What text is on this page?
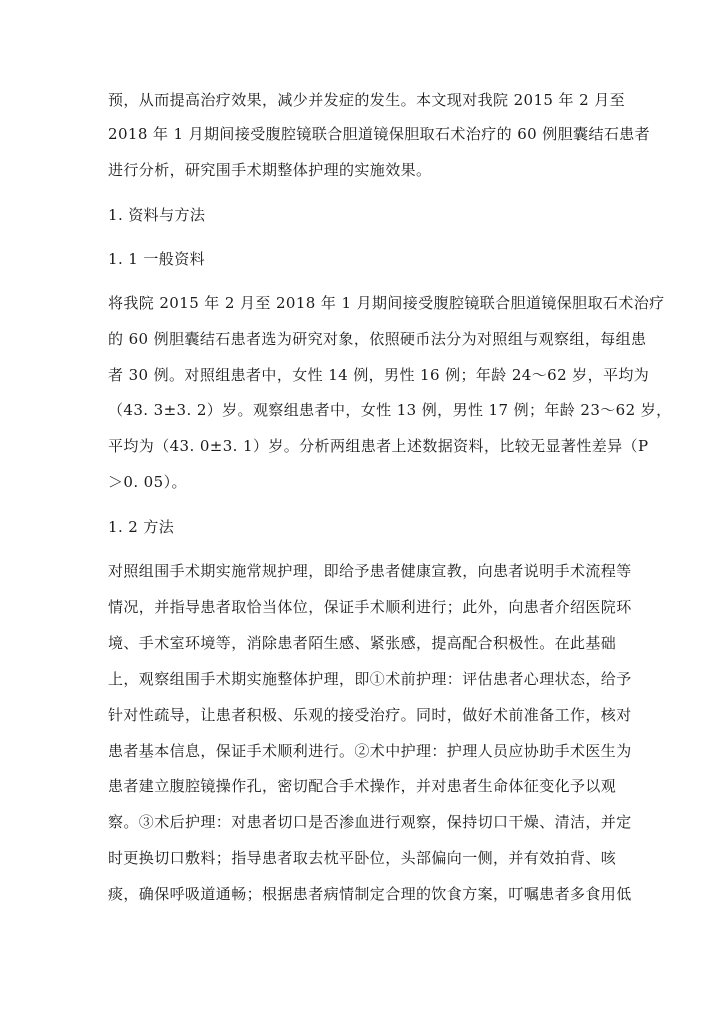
预，从而提高治疗效果，减少并发症的发生。本文现对我院 2015 年 2 月至
2018 年 1 月期间接受腹腔镜联合胆道镜保胆取石术治疗的 60 例胆囊结石患者
进行分析，研究围手术期整体护理的实施效果。
1. 资料与方法
1. 1 一般资料
将我院 2015 年 2 月至 2018 年 1 月期间接受腹腔镜联合胆道镜保胆取石术治疗
的 60 例胆囊结石患者选为研究对象，依照硬币法分为对照组与观察组，每组患
者 30 例。对照组患者中，女性 14 例，男性 16 例；年龄 24～62 岁，平均为
（43. 3±3. 2）岁。观察组患者中，女性 13 例，男性 17 例；年龄 23～62 岁，
平均为（43. 0±3. 1）岁。分析两组患者上述数据资料，比较无显著性差异（P
＞0. 05）。
1. 2 方法
对照组围手术期实施常规护理，即给予患者健康宣教，向患者说明手术流程等
情况，并指导患者取恰当体位，保证手术顺利进行；此外，向患者介绍医院环
境、手术室环境等，消除患者陌生感、紧张感，提高配合积极性。在此基础
上，观察组围手术期实施整体护理，即①术前护理：评估患者心理状态，给予
针对性疏导，让患者积极、乐观的接受治疗。同时，做好术前准备工作，核对
患者基本信息，保证手术顺利进行。②术中护理：护理人员应协助手术医生为
患者建立腹腔镜操作孔，密切配合手术操作，并对患者生命体征变化予以观
察。③术后护理：对患者切口是否渗血进行观察，保持切口干燥、清洁，并定
时更换切口敷料；指导患者取去枕平卧位，头部偏向一侧，并有效拍背、咳
痰，确保呼吸道通畅；根据患者病情制定合理的饮食方案，叮嘱患者多食用低
